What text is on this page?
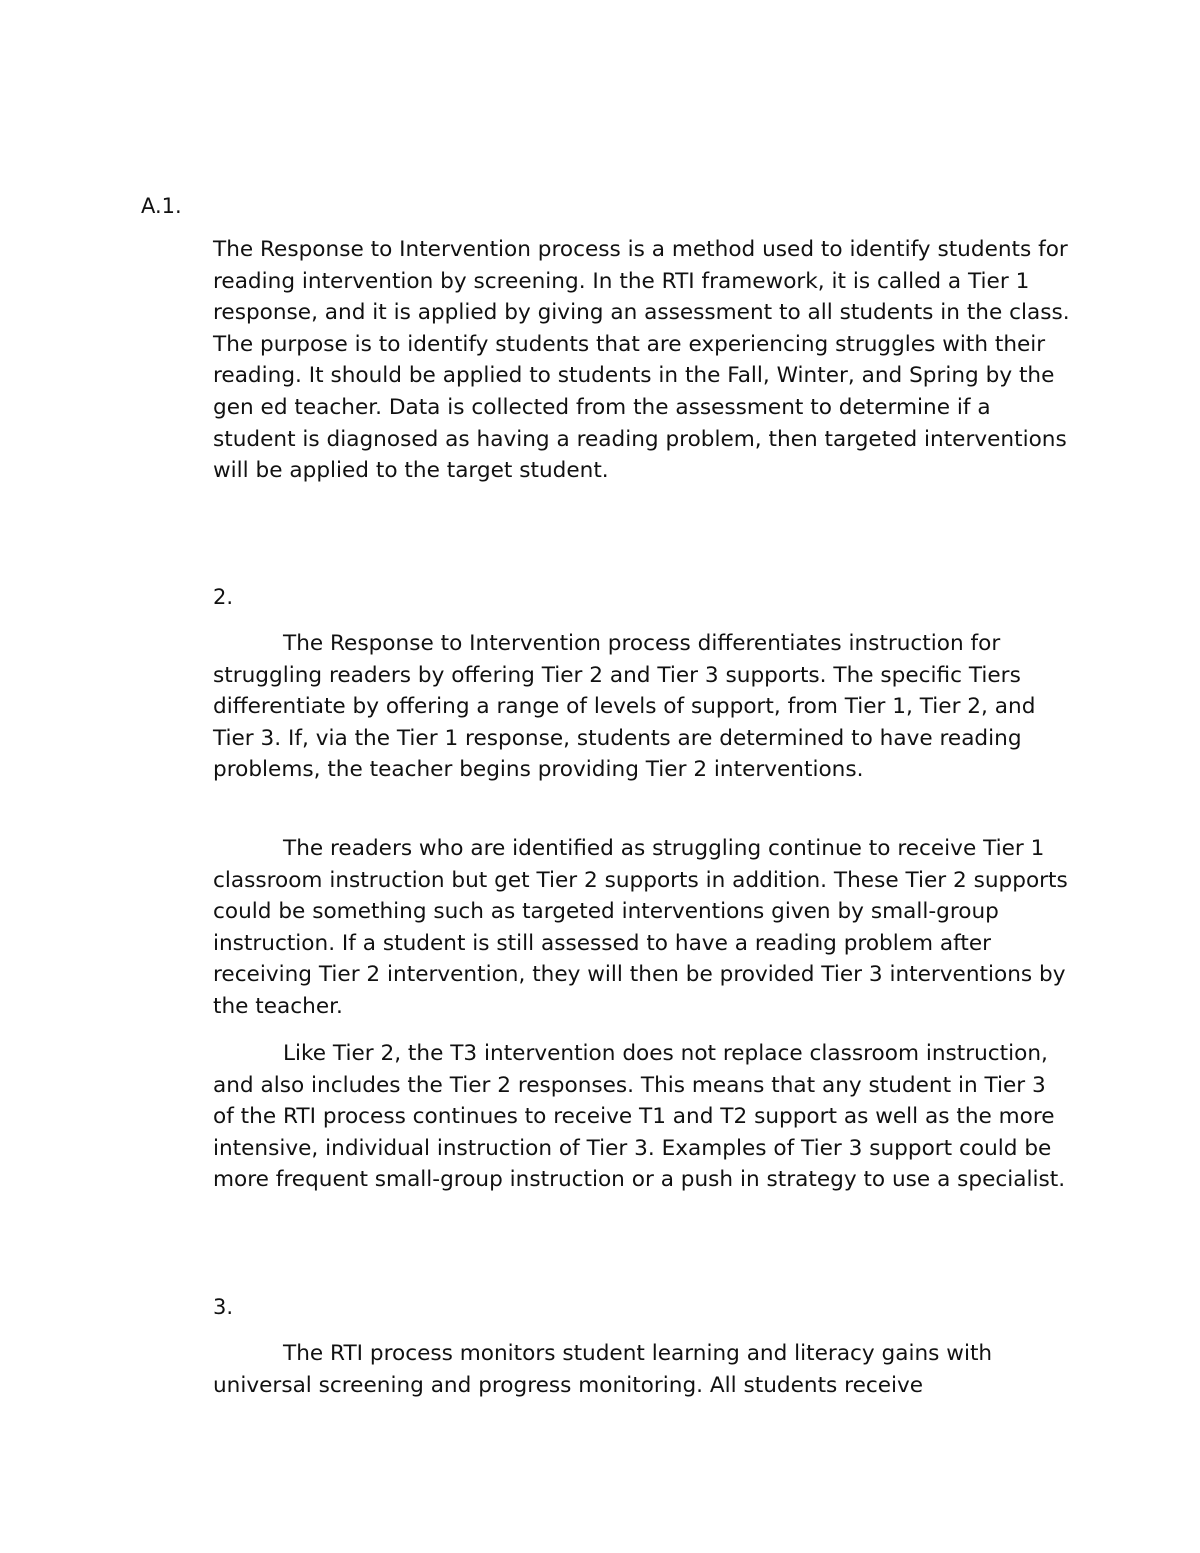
A.1.

The Response to Intervention process is a method used to identify students for reading intervention by screening. In the RTI framework, it is called a Tier 1 response, and it is applied by giving an assessment to all students in the class. The purpose is to identify students that are experiencing struggles with their reading. It should be applied to students in the Fall, Winter, and Spring by the gen ed teacher. Data is collected from the assessment to determine if a student is diagnosed as having a reading problem, then targeted interventions will be applied to the target student.

2.

The Response to Intervention process differentiates instruction for struggling readers by offering Tier 2 and Tier 3 supports. The specific Tiers differentiate by offering a range of levels of support, from Tier 1, Tier 2, and Tier 3. If, via the Tier 1 response, students are determined to have reading problems, the teacher begins providing Tier 2 interventions.

The readers who are identified as struggling continue to receive Tier 1 classroom instruction but get Tier 2 supports in addition. These Tier 2 supports could be something such as targeted interventions given by small-group instruction. If a student is still assessed to have a reading problem after receiving Tier 2 intervention, they will then be provided Tier 3 interventions by the teacher.

Like Tier 2, the T3 intervention does not replace classroom instruction, and also includes the Tier 2 responses. This means that any student in Tier 3 of the RTI process continues to receive T1 and T2 support as well as the more intensive, individual instruction of Tier 3. Examples of Tier 3 support could be more frequent small-group instruction or a push in strategy to use a specialist.

3.

The RTI process monitors student learning and literacy gains with universal screening and progress monitoring. All students receive
